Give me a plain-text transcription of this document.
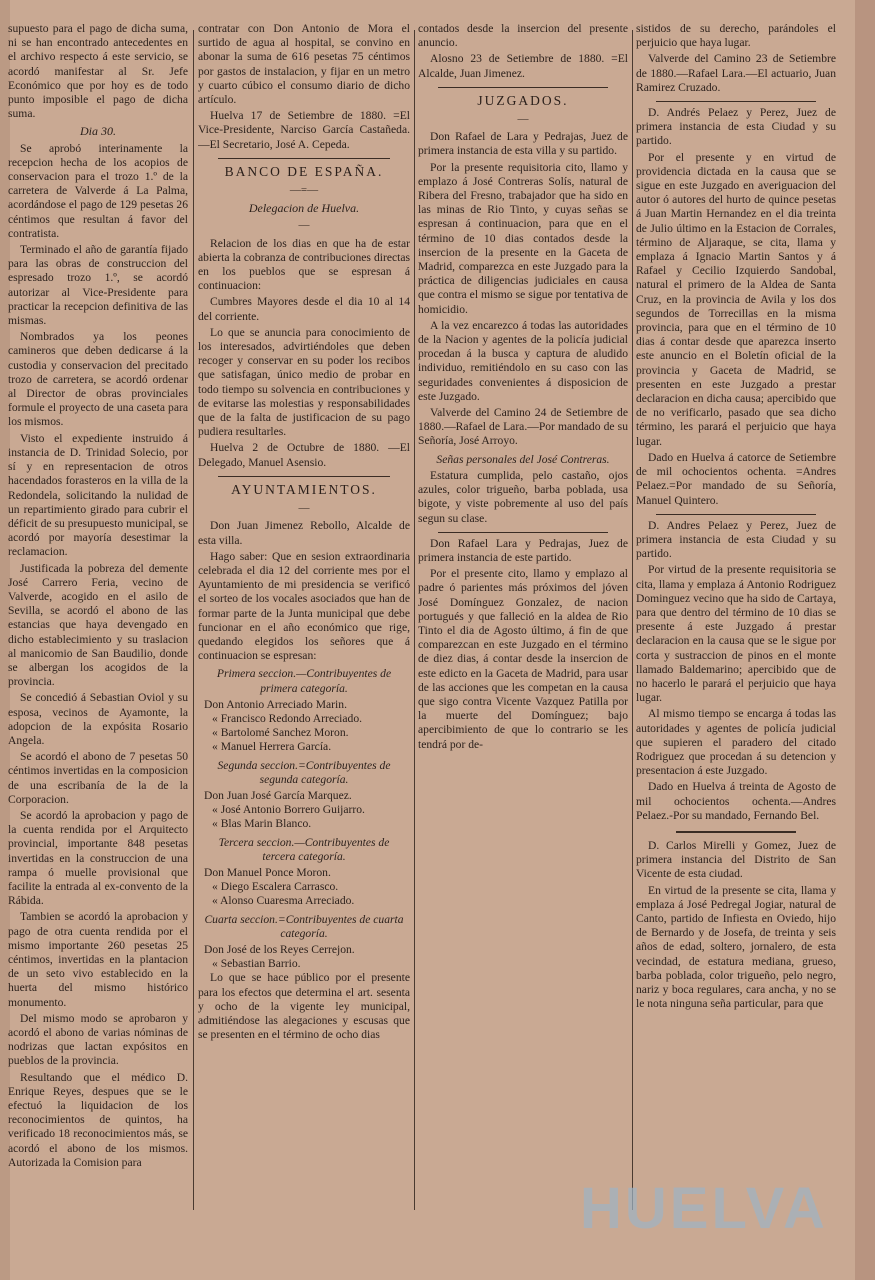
supuesto para el pago de dicha suma, ni se han encontrado antecedentes en el archivo respecto á este servicio, se acordó manifestar al Sr. Jefe Económico que por hoy es de todo punto imposible el pago de dicha suma.

Dia 30.

Se aprobó interinamente la recepcion hecha de los acopios de conservacion para el trozo 1.º de la carretera de Valverde á La Palma, acordándose el pago de 129 pesetas 26 céntimos que resultan á favor del contratista.

Terminado el año de garantía fijado para las obras de construccion del espresado trozo 1.º, se acordó autorizar al Vice-Presidente para practicar la recepcion definitiva de las mismas.

Nombrados ya los peones camineros que deben dedicarse á la custodia y conservacion del precitado trozo de carretera, se acordó ordenar al Director de obras provinciales formule el proyecto de una caseta para los mismos.

Visto el expediente instruido á instancia de D. Trinidad Solecio, por sí y en representacion de otros hacendados forasteros en la villa de la Redondela, solicitando la nulidad de un repartimiento girado para cubrir el déficit de su presupuesto municipal, se acordó por mayoría desestimar la reclamacion.

Justificada la pobreza del demente José Carrero Feria, vecino de Valverde, acogido en el asilo de Sevilla, se acordó el abono de las estancias que haya devengado en dicho establecimiento y su traslacion al manicomio de San Baudilio, donde se albergan los acogidos de la provincia.

Se concedió á Sebastian Oviol y su esposa, vecinos de Ayamonte, la adopcion de la expósita Rosario Angela.

Se acordó el abono de 7 pesetas 50 céntimos invertidas en la composicion de una escribanía de la de la Corporacion.

Se acordó la aprobacion y pago de la cuenta rendida por el Arquitecto provincial, importante 848 pesetas invertidas en la construccion de una rampa ó muelle provisional que facilite la entrada al ex-convento de la Rábida.

Tambien se acordó la aprobacion y pago de otra cuenta rendida por el mismo importante 260 pesetas 25 céntimos, invertidas en la plantacion de un seto vivo establecido en la huerta del mismo histórico monumento.

Del mismo modo se aprobaron y acordó el abono de varias nóminas de nodrizas que lactan expósitos en pueblos de la provincia.

Resultando que el médico D. Enrique Reyes, despues que se le efectuó la liquidacion de los reconocimientos de quintos, ha verificado 18 reconocimientos más, se acordó el abono de los mismos. Autorizada la Comision para

contratar con Don Antonio de Mora el surtido de agua al hospital, se convino en abonar la suma de 616 pesetas 75 céntimos por gastos de instalacion, y fijar en un metro y cuarto cúbico el consumo diario de dicho artículo.

Huelva 17 de Setiembre de 1880. =El Vice-Presidente, Narciso García Castañeda.—El Secretario, José A. Cepeda.

BANCO DE ESPAÑA.
—=—
Delegacion de Huelva.
—

Relacion de los dias en que ha de estar abierta la cobranza de contribuciones directas en los pueblos que se espresan á continuacion:

Cumbres Mayores desde el dia 10 al 14 del corriente.

Lo que se anuncia para conocimiento de los interesados, advirtiéndoles que deben recoger y conservar en su poder los recibos que satisfagan, único medio de probar en todo tiempo su solvencia en contribuciones y de evitarse las molestias y responsabilidades que de la falta de justificacion de su pago pudiera resultarles.

Huelva 2 de Octubre de 1880. —El Delegado, Manuel Asensio.

AYUNTAMIENTOS.
—

Don Juan Jimenez Rebollo, Alcalde de esta villa.

Hago saber: Que en sesion extraordinaria celebrada el dia 12 del corriente mes por el Ayuntamiento de mi presidencia se verificó el sorteo de los vocales asociados que han de formar parte de la Junta municipal que debe funcionar en el año económico que rige, quedando elegidos los señores que á continuacion se espresan:

Primera seccion.—Contribuyentes de primera categoría.

Don Antonio Arreciado Marin.

« Francisco Redondo Arreciado.

« Bartolomé Sanchez Moron.

« Manuel Herrera García.

Segunda seccion.=Contribuyentes de segunda categoría.

Don Juan José García Marquez.

« José Antonio Borrero Guijarro.

« Blas Marin Blanco.

Tercera seccion.—Contribuyentes de tercera categoría.

Don Manuel Ponce Moron.

« Diego Escalera Carrasco.

« Alonso Cuaresma Arreciado.

Cuarta seccion.=Contribuyentes de cuarta categoría.

Don José de los Reyes Cerrejon.

« Sebastian Barrio.

Lo que se hace público por el presente para los efectos que determina el art. sesenta y ocho de la vigente ley municipal, admitiéndose las alegaciones y escusas que se presenten en el término de ocho dias

contados desde la insercion del presente anuncio.

Alosno 23 de Setiembre de 1880. =El Alcalde, Juan Jimenez.

JUZGADOS.
—

Don Rafael de Lara y Pedrajas, Juez de primera instancia de esta villa y su partido.

Por la presente requisitoria cito, llamo y emplazo á José Contreras Solís, natural de Ribera del Fresno, trabajador que ha sido en las minas de Rio Tinto, y cuyas señas se espresan á continuacion, para que en el término de 10 dias contados desde la insercion de la presente en la Gaceta de Madrid, comparezca en este Juzgado para la práctica de diligencias judiciales en causa que contra el mismo se sigue por tentativa de homicidio.

A la vez encarezco á todas las autoridades de la Nacion y agentes de la policía judicial procedan á la busca y captura de aludido individuo, remitiéndolo en su caso con las seguridades convenientes á disposicion de este Juzgado.

Valverde del Camino 24 de Setiembre de 1880.—Rafael de Lara.—Por mandado de su Señoría, José Arroyo.

Señas personales del José Contreras.

Estatura cumplida, pelo castaño, ojos azules, color trigueño, barba poblada, usa bigote, y viste pobremente al uso del país segun su clase.

Don Rafael Lara y Pedrajas, Juez de primera instancia de este partido.

Por el presente cito, llamo y emplazo al padre ó parientes más próximos del jóven José Domínguez Gonzalez, de nacion portugués y que falleció en la aldea de Rio Tinto el dia de Agosto último, á fin de que comparezcan en este Juzgado en el término de diez dias, á contar desde la insercion de este edicto en la Gaceta de Madrid, para usar de las acciones que les competan en la causa que sigo contra Vicente Vazquez Patilla por la muerte del Domínguez; bajo apercibimiento de que lo contrario se les tendrá por de-

sistidos de su derecho, parándoles el perjuicio que haya lugar.

Valverde del Camino 23 de Setiembre de 1880.—Rafael Lara.—El actuario, Juan Ramirez Cruzado.

D. Andrés Pelaez y Perez, Juez de primera instancia de esta Ciudad y su partido.

Por el presente y en virtud de providencia dictada en la causa que se sigue en este Juzgado en averiguacion del autor ó autores del hurto de quince pesetas á Juan Martin Hernandez en el dia treinta de Julio último en la Estacion de Corrales, término de Aljaraque, se cita, llama y emplaza á Ignacio Martin Santos y á Rafael y Cecilio Izquierdo Sandobal, natural el primero de la Aldea de Santa Cruz, en la provincia de Avila y los dos segundos de Torrecillas en la misma provincia, para que en el término de 10 dias á contar desde que aparezca inserto este anuncio en el Boletín oficial de la provincia y Gaceta de Madrid, se presenten en este Juzgado a prestar declaracion en dicha causa; apercibido que de no verificarlo, pasado que sea dicho término, les parará el perjuicio que haya lugar.

Dado en Huelva á catorce de Setiembre de mil ochocientos ochenta. =Andres Pelaez.=Por mandado de su Señoría, Manuel Quintero.

D. Andres Pelaez y Perez, Juez de primera instancia de esta Ciudad y su partido.

Por virtud de la presente requisitoria se cita, llama y emplaza á Antonio Rodriguez Dominguez vecino que ha sido de Cartaya, para que dentro del término de 10 dias se presente á este Juzgado á prestar declaracion en la causa que se le sigue por corta y sustraccion de pinos en el monte llamado Baldemarino; apercibido que de no hacerlo le parará el perjuicio que haya lugar.

Al mismo tiempo se encarga á todas las autoridades y agentes de policía judicial que supieren el paradero del citado Rodriguez que procedan á su detencion y presentacion á este Juzgado.

Dado en Huelva á treinta de Agosto de mil ochocientos ochenta.—Andres Pelaez.-Por su mandado, Fernando Bel.

D. Carlos Mirelli y Gomez, Juez de primera instancia del Distrito de San Vicente de esta ciudad.

En virtud de la presente se cita, llama y emplaza á José Pedregal Jogiar, natural de Canto, partido de Infiesta en Oviedo, hijo de Bernardo y de Josefa, de treinta y seis años de edad, soltero, jornalero, de esta vecindad, de estatura mediana, grueso, barba poblada, color trigueño, pelo negro, nariz y boca regulares, cara ancha, y no se le nota ninguna seña particular, para que

HUELVA
